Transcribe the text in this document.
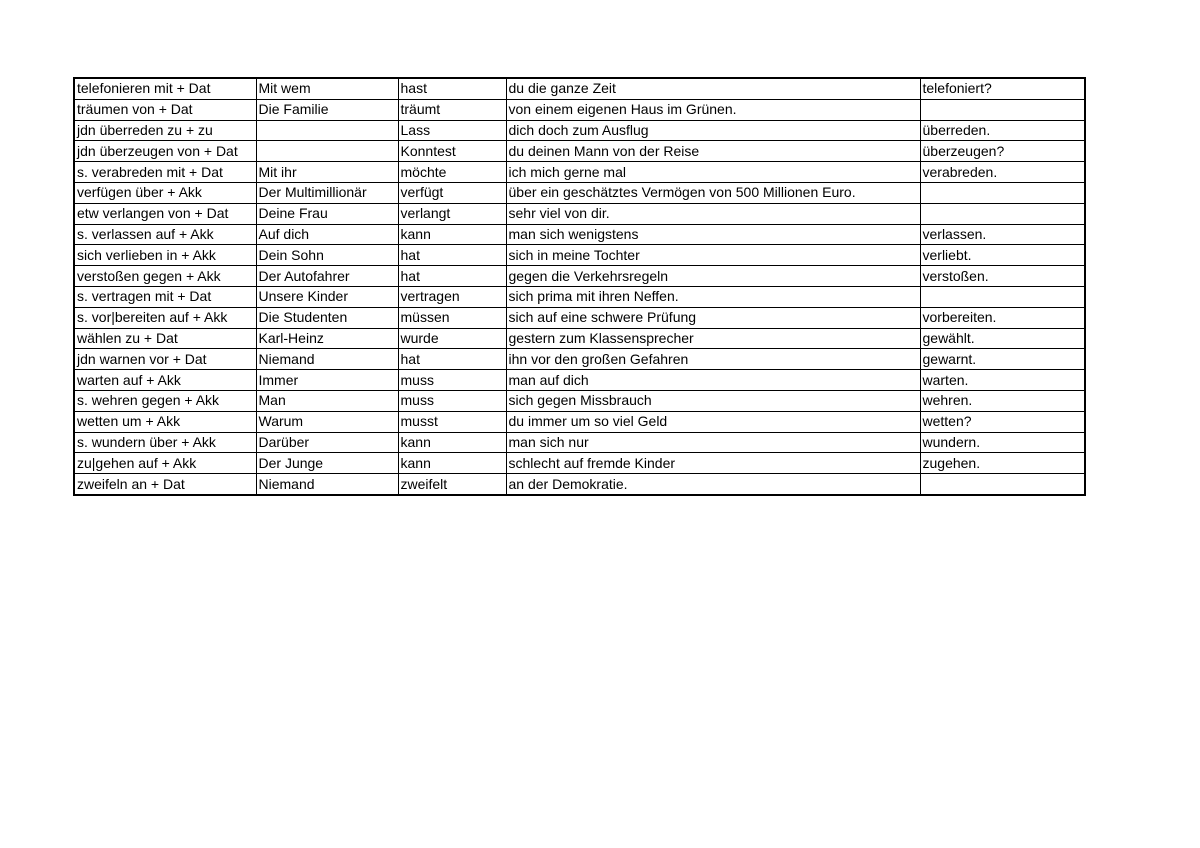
telefonieren mit + Dat	Mit wem	hast	du die ganze Zeit	telefoniert?
träumen von + Dat	Die Familie	träumt	von einem eigenen Haus im Grünen.	
jdn überreden zu + zu		Lass	dich doch zum Ausflug	überreden.
jdn überzeugen von + Dat		Konntest	du deinen Mann von der Reise	überzeugen?
s. verabreden mit + Dat	Mit ihr	möchte	ich mich gerne mal	verabreden.
verfügen über + Akk	Der Multimillionär	verfügt	über ein geschätztes Vermögen von 500 Millionen Euro.	
etw verlangen von + Dat	Deine Frau	verlangt	sehr viel von dir.	
s. verlassen auf + Akk	Auf dich	kann	man sich wenigstens	verlassen.
sich verlieben in + Akk	Dein Sohn	hat	sich in meine Tochter	verliebt.
verstoßen gegen + Akk	Der Autofahrer	hat	gegen die Verkehrsregeln	verstoßen.
s. vertragen mit + Dat	Unsere Kinder	vertragen	sich prima mit ihren Neffen.	
s. vor|bereiten auf + Akk	Die Studenten	müssen	sich auf eine schwere Prüfung	vorbereiten.
wählen zu + Dat	Karl-Heinz	wurde	gestern zum Klassensprecher	gewählt.
jdn warnen vor + Dat	Niemand	hat	ihn vor den großen Gefahren	gewarnt.
warten auf + Akk	Immer	muss	man auf dich	warten.
s. wehren gegen + Akk	Man	muss	sich gegen Missbrauch	wehren.
wetten um + Akk	Warum	musst	du immer um so viel Geld	wetten?
s. wundern über + Akk	Darüber	kann	man sich nur	wundern.
zu|gehen auf + Akk	Der Junge	kann	schlecht auf fremde Kinder	zugehen.
zweifeln an + Dat	Niemand	zweifelt	an der Demokratie.	
